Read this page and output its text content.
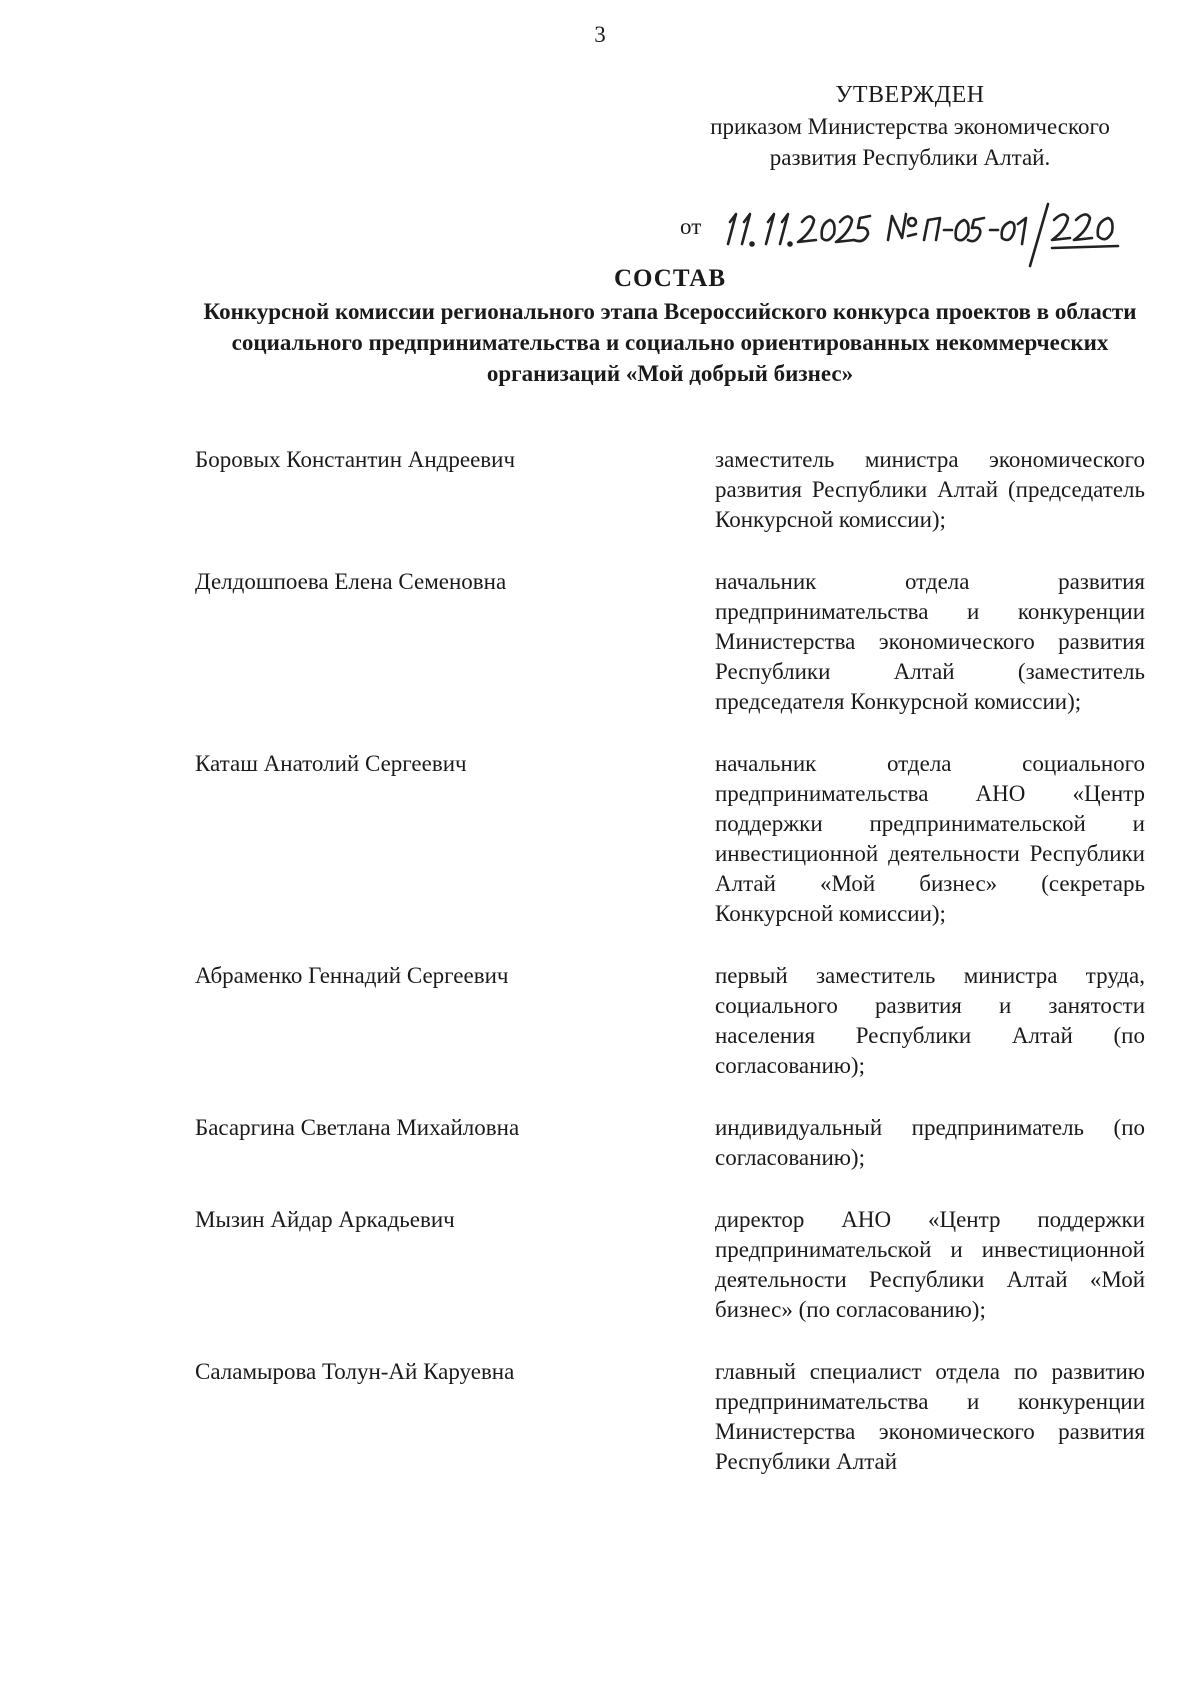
3
УТВЕРЖДЕН
приказом Министерства экономического
развития Республики Алтай.
от
СОСТАВ
Конкурсной комиссии регионального этапа Всероссийского конкурса проектов в области социального предпринимательства и социально ориентированных некоммерческих организаций «Мой добрый бизнес»
Боровых Константин Андреевич	заместитель министра экономического развития Республики Алтай (председатель Конкурсной комиссии);
Делдошпоева Елена Семеновна	начальник отдела развития предпринимательства и конкуренции Министерства экономического развития Республики Алтай (заместитель председателя Конкурсной комиссии);
Каташ Анатолий Сергеевич	начальник отдела социального предпринимательства АНО «Центр поддержки предпринимательской и инвестиционной деятельности Республики Алтай «Мой бизнес» (секретарь Конкурсной комиссии);
Абраменко Геннадий Сергеевич	первый заместитель министра труда, социального развития и занятости населения Республики Алтай (по согласованию);
Басаргина Светлана Михайловна	индивидуальный предприниматель (по согласованию);
Мызин Айдар Аркадьевич	директор АНО «Центр поддержки предпринимательской и инвестиционной деятельности Республики Алтай «Мой бизнес» (по согласованию);
Саламырова Толун-Ай Каруевна	главный специалист отдела по развитию предпринимательства и конкуренции Министерства экономического развития Республики Алтай
